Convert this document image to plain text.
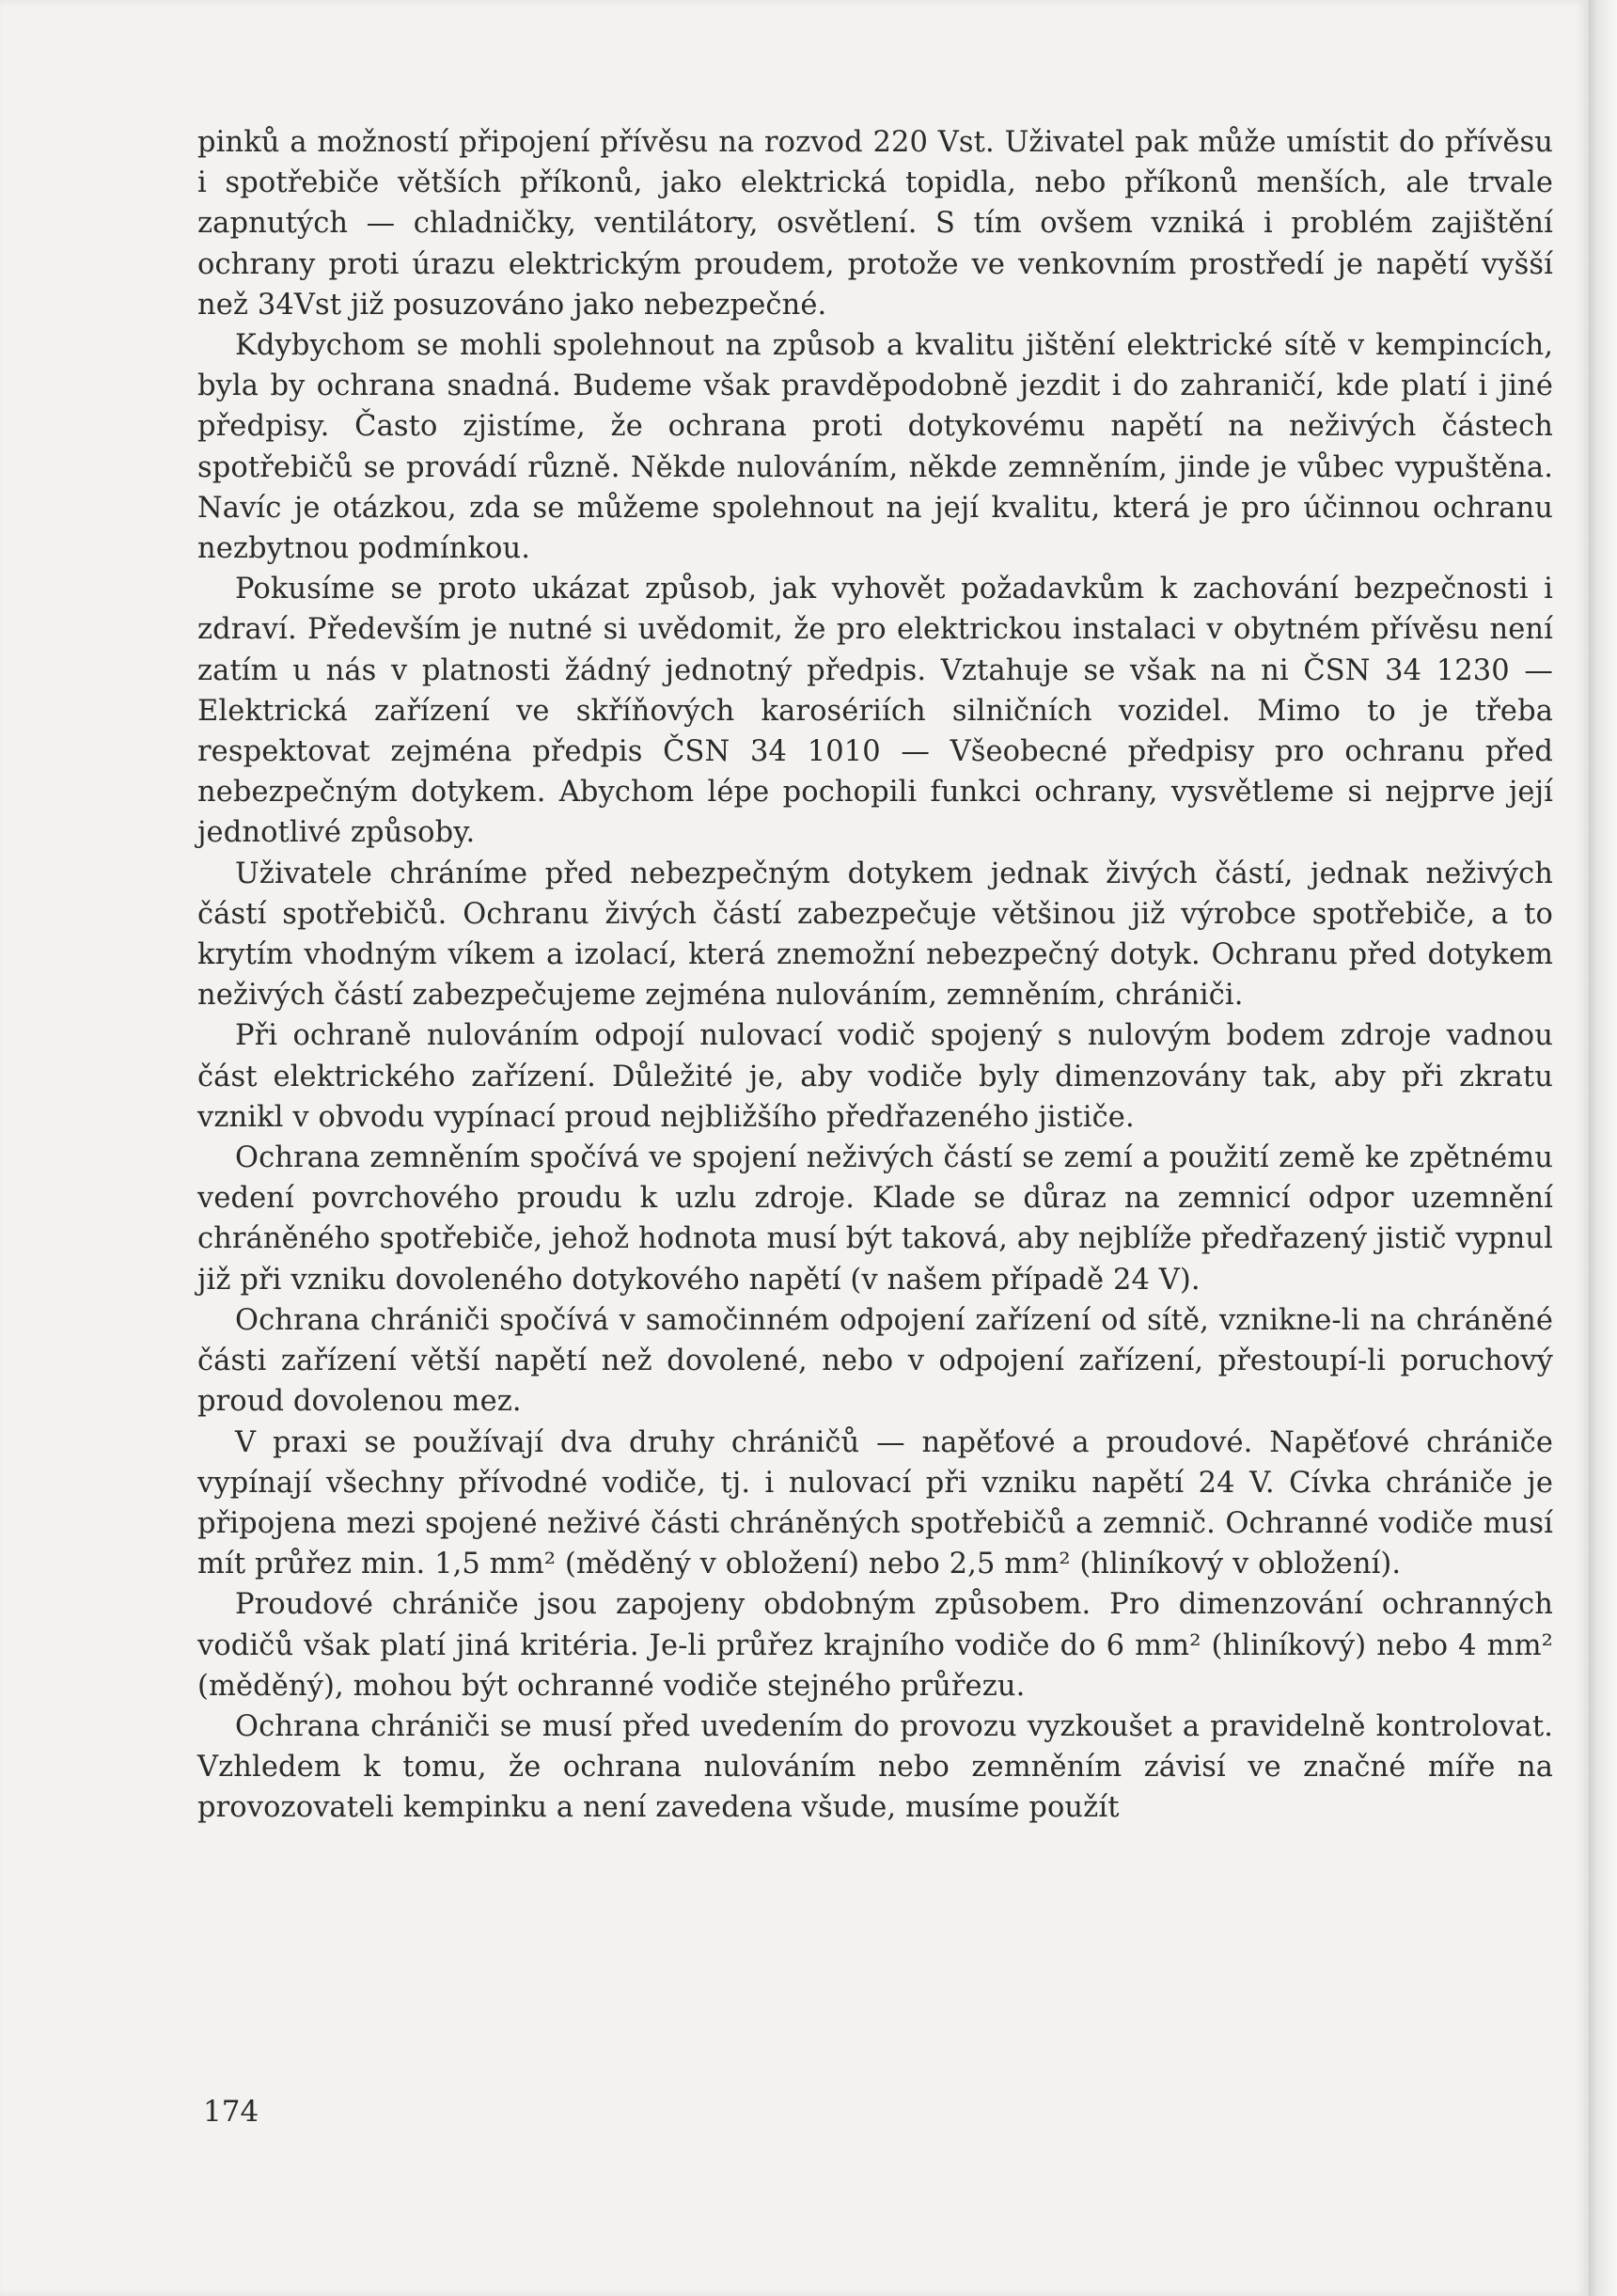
pinků a možností připojení přívěsu na rozvod 220 Vst. Uživatel pak může umístit do přívěsu i spotřebiče větších příkonů, jako elektrická topidla, nebo příkonů menších, ale trvale zapnutých — chladničky, ventilátory, osvětlení. S tím ovšem vzniká i problém zajištění ochrany proti úrazu elektrickým proudem, protože ve venkovním prostředí je napětí vyšší než 34Vst již posuzováno jako nebezpečné.

Kdybychom se mohli spolehnout na způsob a kvalitu jištění elektrické sítě v kempincích, byla by ochrana snadná. Budeme však pravděpodobně jezdit i do zahraničí, kde platí i jiné předpisy. Často zjistíme, že ochrana proti dotykovému napětí na neživých částech spotřebičů se provádí různě. Někde nulováním, někde zemněním, jinde je vůbec vypuštěna. Navíc je otázkou, zda se můžeme spolehnout na její kvalitu, která je pro účinnou ochranu nezbytnou podmínkou.

Pokusíme se proto ukázat způsob, jak vyhovět požadavkům k zachování bezpečnosti i zdraví. Především je nutné si uvědomit, že pro elektrickou instalaci v obytném přívěsu není zatím u nás v platnosti žádný jednotný předpis. Vztahuje se však na ni ČSN 34 1230 — Elektrická zařízení ve skříňových karosériích silničních vozidel. Mimo to je třeba respektovat zejména předpis ČSN 34 1010 — Všeobecné předpisy pro ochranu před nebezpečným dotykem. Abychom lépe pochopili funkci ochrany, vysvětleme si nejprve její jednotlivé způsoby.

Uživatele chráníme před nebezpečným dotykem jednak živých částí, jednak neživých částí spotřebičů. Ochranu živých částí zabezpečuje většinou již výrobce spotřebiče, a to krytím vhodným víkem a izolací, která znemožní nebezpečný dotyk. Ochranu před dotykem neživých částí zabezpečujeme zejména nulováním, zemněním, chrániči.

Při ochraně nulováním odpojí nulovací vodič spojený s nulovým bodem zdroje vadnou část elektrického zařízení. Důležité je, aby vodiče byly dimenzovány tak, aby při zkratu vznikl v obvodu vypínací proud nejbližšího předřazeného jističe.

Ochrana zemněním spočívá ve spojení neživých částí se zemí a použití země ke zpětnému vedení povrchového proudu k uzlu zdroje. Klade se důraz na zemnicí odpor uzemnění chráněného spotřebiče, jehož hodnota musí být taková, aby nejblíže předřazený jistič vypnul již při vzniku dovoleného dotykového napětí (v našem případě 24 V).

Ochrana chrániči spočívá v samočinném odpojení zařízení od sítě, vznikne-li na chráněné části zařízení větší napětí než dovolené, nebo v odpojení zařízení, přestoupí-li poruchový proud dovolenou mez.

V praxi se používají dva druhy chráničů — napěťové a proudové. Napěťové chrániče vypínají všechny přívodné vodiče, tj. i nulovací při vzniku napětí 24 V. Cívka chrániče je připojena mezi spojené neživé části chráněných spotřebičů a zemnič. Ochranné vodiče musí mít průřez min. 1,5 mm² (měděný v obložení) nebo 2,5 mm² (hliníkový v obložení).

Proudové chrániče jsou zapojeny obdobným způsobem. Pro dimenzování ochranných vodičů však platí jiná kritéria. Je-li průřez krajního vodiče do 6 mm² (hliníkový) nebo 4 mm² (měděný), mohou být ochranné vodiče stejného průřezu.

Ochrana chrániči se musí před uvedením do provozu vyzkoušet a pravidelně kontrolovat. Vzhledem k tomu, že ochrana nulováním nebo zemněním závisí ve značné míře na provozovateli kempinku a není zavedena všude, musíme použít

174
